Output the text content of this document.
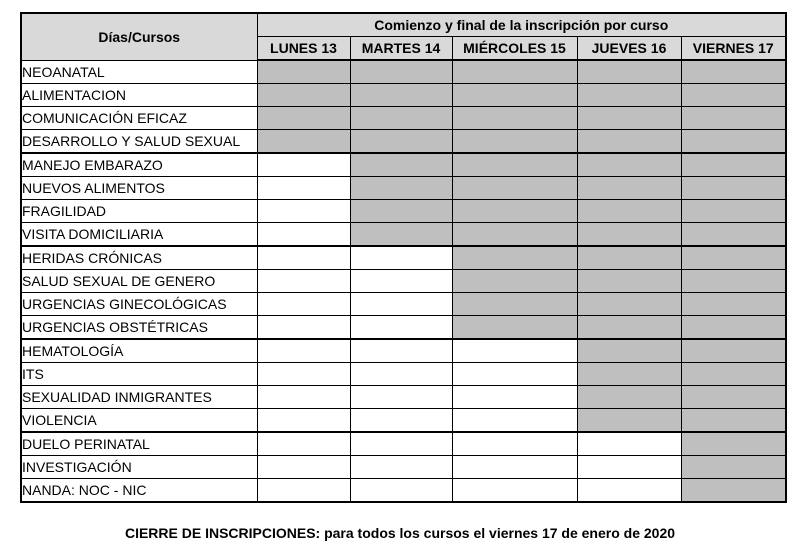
Días/Cursos	Comienzo y final de la inscripción por curso				
	LUNES 13	MARTES 14	MIÉRCOLES 15	JUEVES 16	VIERNES 17
NEOANATAL					
ALIMENTACION					
COMUNICACIÓN EFICAZ					
DESARROLLO Y SALUD SEXUAL					
MANEJO EMBARAZO					
NUEVOS ALIMENTOS					
FRAGILIDAD					
VISITA DOMICILIARIA					
HERIDAS CRÓNICAS					
SALUD SEXUAL DE GENERO					
URGENCIAS GINECOLÓGICAS					
URGENCIAS OBSTÉTRICAS					
HEMATOLOGÍA					
ITS					
SEXUALIDAD INMIGRANTES					
VIOLENCIA					
DUELO PERINATAL					
INVESTIGACIÓN					
NANDA: NOC - NIC					
CIERRE DE INSCRIPCIONES: para todos los cursos el viernes 17 de enero de 2020
